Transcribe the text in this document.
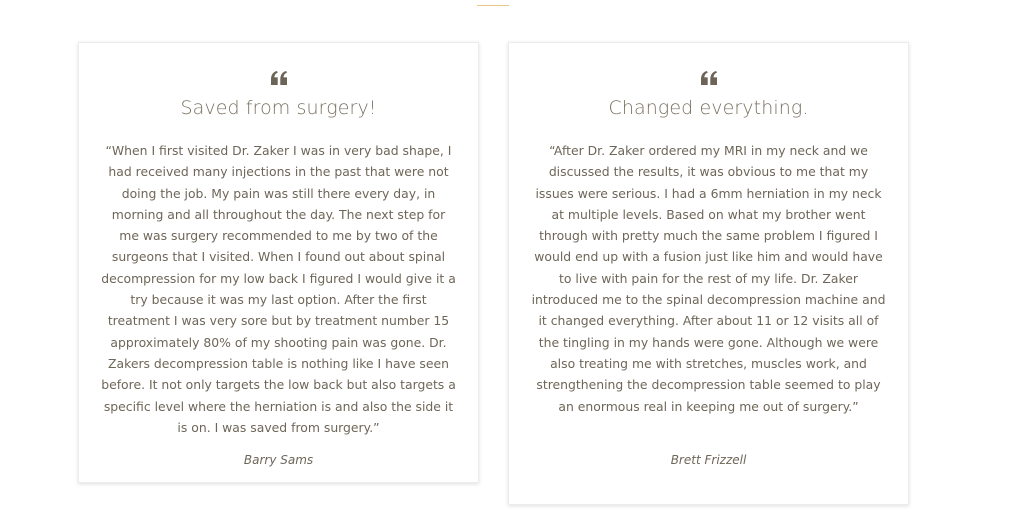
Saved from surgery!

“When I first visited Dr. Zaker I was in very bad shape, I had received many injections in the past that were not doing the job. My pain was still there every day, in morning and all throughout the day. The next step for me was surgery recommended to me by two of the surgeons that I visited. When I found out about spinal decompression for my low back I figured I would give it a try because it was my last option. After the first treatment I was very sore but by treatment number 15 approximately 80% of my shooting pain was gone. Dr. Zakers decompression table is nothing like I have seen before. It not only targets the low back but also targets a specific level where the herniation is and also the side it is on. I was saved from surgery.”

Barry Sams
Changed everything.

“After Dr. Zaker ordered my MRI in my neck and we discussed the results, it was obvious to me that my issues were serious. I had a 6mm herniation in my neck at multiple levels. Based on what my brother went through with pretty much the same problem I figured I would end up with a fusion just like him and would have to live with pain for the rest of my life. Dr. Zaker introduced me to the spinal decompression machine and it changed everything. After about 11 or 12 visits all of the tingling in my hands were gone. Although we were also treating me with stretches, muscles work, and strengthening the decompression table seemed to play an enormous real in keeping me out of surgery.”

Brett Frizzell
